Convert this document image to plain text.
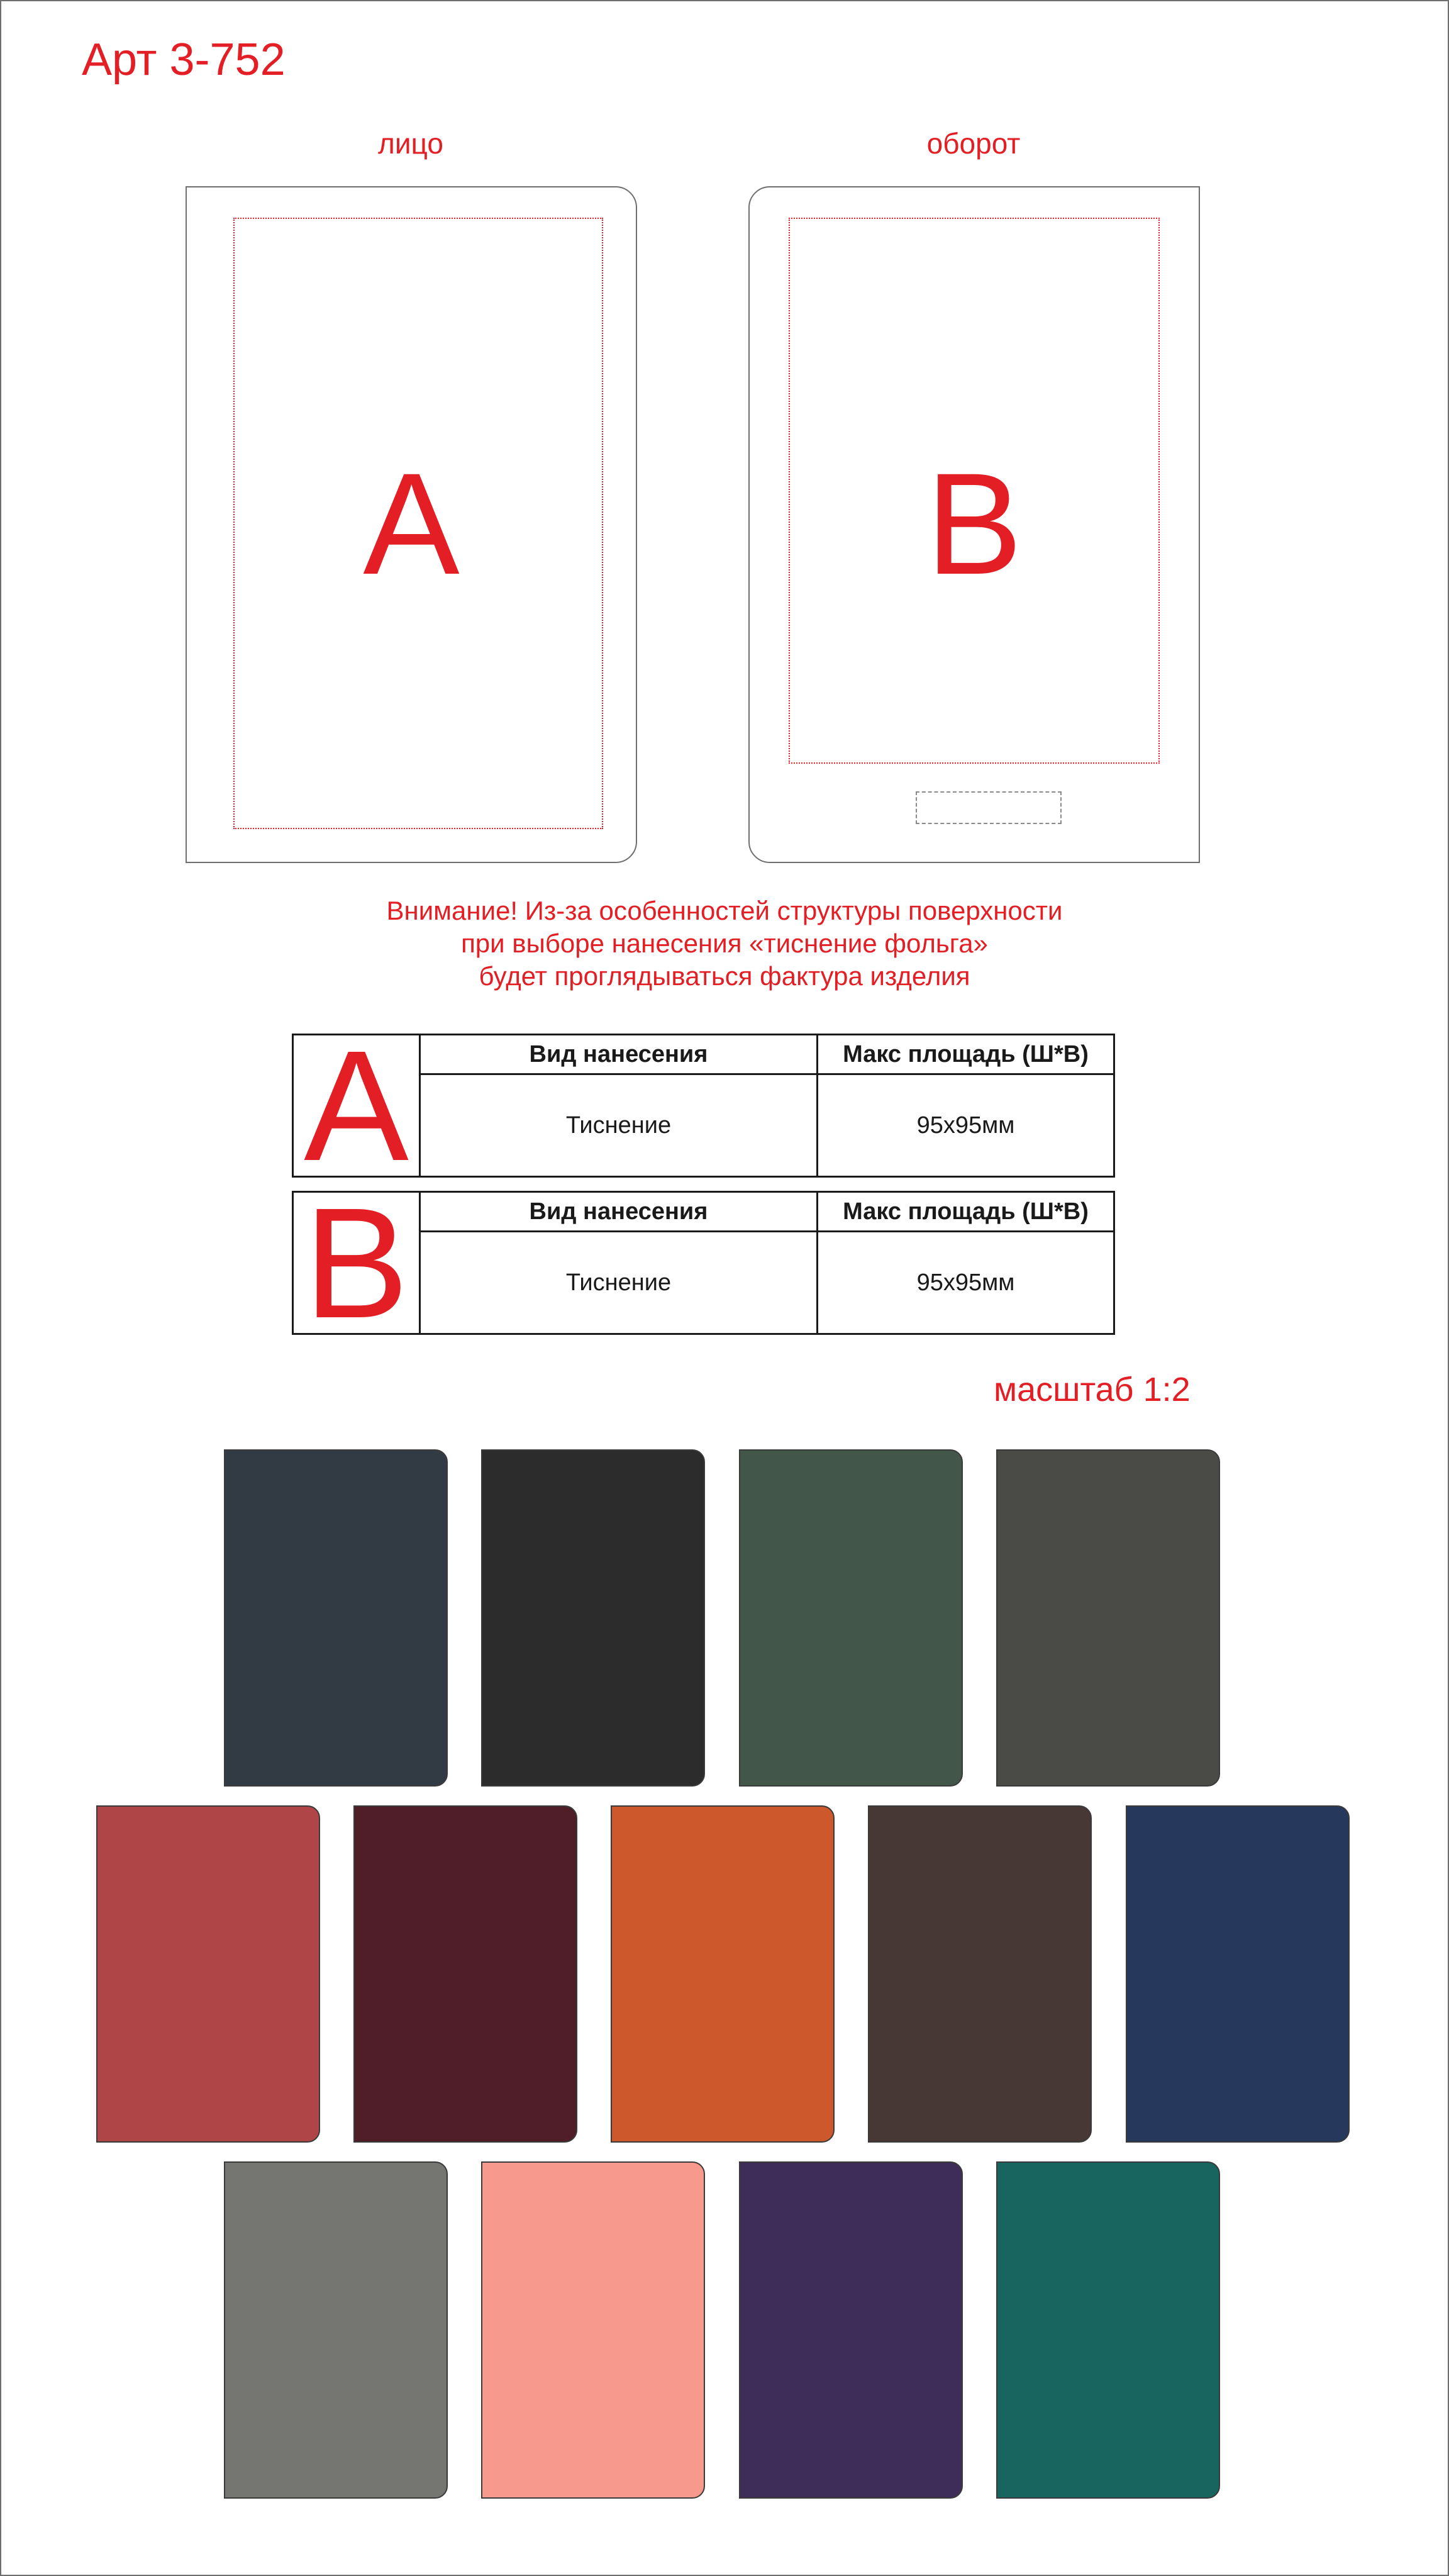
Арт 3-752
лицо	оборот
A	B
Внимание! Из-за особенностей структуры поверхности
при выборе нанесения «тиснение фольга»
будет проглядываться фактура изделия
A	Вид нанесения	Макс площадь (Ш*В)
	Тиснение	95х95мм
B	Вид нанесения	Макс площадь (Ш*В)
	Тиснение	95х95мм
масштаб 1:2
